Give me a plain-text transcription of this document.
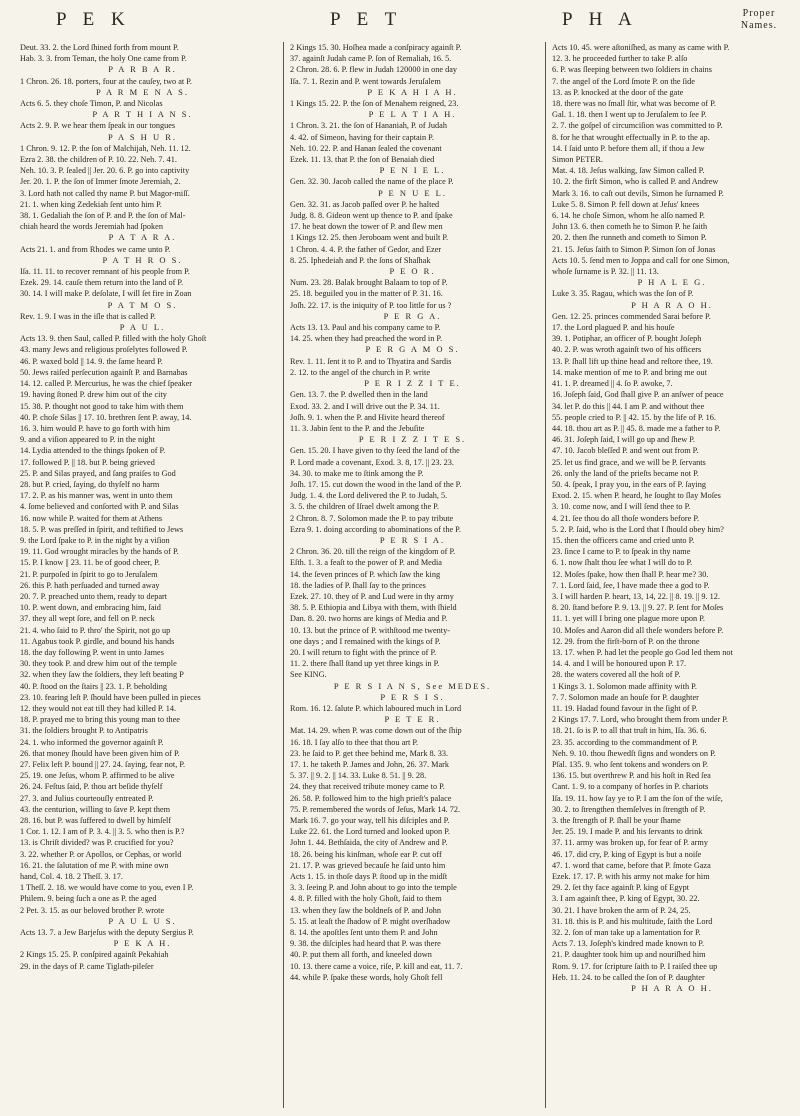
P E K	P E T	P H A	Proper
Names.

Deut. 33. 2. the Lord ſhined forth from mount P.

Hab. 3. 3. from Teman, the holy One came from P.

P A R B A R.

1 Chron. 26. 18. porters, four at the cauſey, two at P.

P A R M E N A S.

Acts 6. 5. they choſe Timon, P. and Nicolas

P A R T H I A N S.

Acts 2. 9. P. we hear them ſpeak in our tongues

P A S H U R.

1 Chron. 9. 12. P. the ſon of Malchijah, Neh. 11. 12.

Ezra 2. 38. the children of P. 10. 22. Neh. 7. 41.

Neh. 10. 3. P. ſealed || Jer. 20. 6. P. go into captivity

Jer. 20. 1. P. the ſon of Immer ſmote Jeremiah, 2.

3. Lord hath not called thy name P. but Magor-miſſ.

21. 1. when king Zedekiah ſent unto him P.

38. 1. Gedaliah the ſon of P. and P. the ſon of Mal-

chiah heard the words Jeremiah had ſpoken

P A T A R A.

Acts 21. 1. and from Rhodes we came unto P.

P A T H R O S.

Iſa. 11. 11. to recover remnant of his people from P.

Ezek. 29. 14. cauſe them return into the land of P.

30. 14. I will make P. deſolate, I will ſet fire in Zoan

P A T M O S.

Rev. 1. 9. I was in the iſle that is called P.

P A U L.

Acts 13. 9. then Saul, called P. filled with the holy Ghoſt

43. many Jews and religious proſelytes followed P.

46. P. waxed bold || 14. 9. the ſame heard P.

50. Jews raiſed perſecution againſt P. and Barnabas

14. 12. called P. Mercurius, he was the chief ſpeaker

19. having ſtoned P. drew him out of the city

15. 38. P. thought not good to take him with them

40. P. choſe Silas || 17. 10. brethren ſent P. away, 14.

16. 3. him would P. have to go forth with him

9. and a viſion appeared to P. in the night

14. Lydia attended to the things ſpoken of P.

17. followed P. || 18. but P. being grieved

25. P. and Silas prayed, and ſang praiſes to God

28. but P. cried, ſaying, do thyſelf no harm

17. 2. P. as his manner was, went in unto them

4. ſome believed and conſorted with P. and Silas

16. now while P. waited for them at Athens

18. 5. P. was preſſed in ſpirit, and teſtified to Jews

9. the Lord ſpake to P. in the night by a viſion

19. 11. God wrought miracles by the hands of P.

15. P. I know || 23. 11. be of good cheer, P.

21. P. purpoſed in ſpirit to go to Jeruſalem

26. this P. hath perſuaded and turned away

20. 7. P. preached unto them, ready to depart

10. P. went down, and embracing him, ſaid

37. they all wept ſore, and fell on P. neck

21. 4. who ſaid to P. thro' the Spirit, not go up

11. Agabus took P. girdle, and bound his hands

18. the day following P. went in unto James

30. they took P. and drew him out of the temple

32. when they ſaw the ſoldiers, they left beating P

40. P. ſtood on the ſtairs || 23. 1. P. beholding

23. 10. fearing leſt P. ſhould have been pulled in pieces

12. they would not eat till they had killed P. 14.

18. P. prayed me to bring this young man to thee

31. the ſoldiers brought P. to Antipatris

24. 1. who informed the governor againſt P.

26. that money ſhould have been given him of P.

27. Felix left P. bound || 27. 24. ſaying, fear not, P.

25. 19. one Jeſus, whom P. affirmed to be alive

26. 24. Feſtus ſaid, P. thou art beſide thyſelf

27. 3. and Julius courteouſly entreated P.

43. the centurion, willing to ſave P. kept them

28. 16. but P. was ſuffered to dwell by himſelf

1 Cor. 1. 12. I am of P. 3. 4. || 3. 5. who then is P.?

13. is Chriſt divided? was P. crucified for you?

3. 22. whether P. or Apollos, or Cephas, or world

16. 21. the ſalutation of me P. with mine own

hand, Col. 4. 18. 2 Theſſ. 3. 17.

1 Theſſ. 2. 18. we would have come to you, even I P.

Philem. 9. being ſuch a one as P. the aged

2 Pet. 3. 15. as our beloved brother P. wrote

P A U L U S.

Acts 13. 7. a Jew Barjeſus with the deputy Sergius P.

P E K A H.

2 Kings 15. 25. P. conſpired againſt Pekahiah

29. in the days of P. came Tiglath-pileſer

2 Kings 15. 30. Hoſhea made a conſpiracy againſt P.

37. againſt Judah came P. ſon of Remaliah, 16. 5.

2 Chron. 28. 6. P. flew in Judah 120000 in one day

Iſa. 7. 1. Rezin and P. went towards Jeruſalem

P E K A H I A H.

1 Kings 15. 22. P. the ſon of Menahem reigned, 23.

P E L A T I A H.

1 Chron. 3. 21. the ſon of Hananiah, P. of Judah

4. 42. of Simeon, having for their captain P.

Neh. 10. 22. P. and Hanan ſealed the covenant

Ezek. 11. 13. that P. the ſon of Benaiah died

P E N I E L.

Gen. 32. 30. Jacob called the name of the place P.

P E N U E L.

Gen. 32. 31. as Jacob paſſed over P. he halted

Judg. 8. 8. Gideon went up thence to P. and ſpake

17. he beat down the tower of P. and ſlew men

1 Kings 12. 25. then Jeroboam went and built P.

1 Chron. 4. 4. P. the father of Gedor, and Ezer

8. 25. Iphedeiah and P. the ſons of Shaſhak

P E O R.

Num. 23. 28. Balak brought Balaam to top of P.

25. 18. beguiled you in the matter of P. 31. 16.

Joſh. 22. 17. is the iniquity of P. too little for us ?

P E R G A.

Acts 13. 13. Paul and his company came to P.

14. 25. when they had preached the word in P.

P E R G A M O S.

Rev. 1. 11. ſent it to P. and to Thyatira and Sardis

2. 12. to the angel of the church in P. write

P E R I Z Z I T E.

Gen. 13. 7. the P. dwelled then in the land

Exod. 33. 2. and I will drive out the P. 34. 11.

Joſh. 9. 1. when the P. and Hivite heard thereof

11. 3. Jabin ſent to the P. and the Jebuſite

P E R I Z Z I T E S.

Gen. 15. 20. I have given to thy ſeed the land of the

P. Lord made a covenant, Exod. 3. 8, 17. || 23. 23.

34. 30. to make me to ſtink among the P.

Joſh. 17. 15. cut down the wood in the land of the P.

Judg. 1. 4. the Lord delivered the P. to Judah, 5.

3. 5. the children of Iſrael dwelt among the P.

2 Chron. 8. 7. Solomon made the P. to pay tribute

Ezra 9. 1. doing according to abominations of the P.

P E R S I A.

2 Chron. 36. 20. till the reign of the kingdom of P.

Eſth. 1. 3. a feaſt to the power of P. and Media

14. the ſeven princes of P. which ſaw the king

18. the ladies of P. ſhall ſay to the princes

Ezek. 27. 10. they of P. and Lud were in thy army

38. 5. P. Ethiopia and Libya with them, with ſhield

Dan. 8. 20. two horns are kings of Media and P.

10. 13. but the prince of P. withſtood me twenty-

one days ; and I remained with the kings of P.

20. I will return to fight with the prince of P.

11. 2. there ſhall ſtand up yet three kings in P.

See KING.

P E R S I A N S, See MEDES.

P E R S I S.

Rom. 16. 12. ſalute P. which laboured much in Lord

P E T E R.

Mat. 14. 29. when P. was come down out of the ſhip

16. 18. I ſay alſo to thee that thou art P.

23. he ſaid to P. get thee behind me, Mark 8. 33.

17. 1. he taketh P. James and John, 26. 37. Mark

5. 37. || 9. 2. || 14. 33. Luke 8. 51. || 9. 28.

24. they that received tribute money came to P.

26. 58. P. followed him to the high prieſt's palace

75. P. remembered the words of Jeſus, Mark 14. 72.

Mark 16. 7. go your way, tell his diſciples and P.

Luke 22. 61. the Lord turned and looked upon P.

John 1. 44. Bethſaida, the city of Andrew and P.

18. 26. being his kinſman, whoſe ear P. cut off

21. 17. P. was grieved becauſe he ſaid unto him

Acts 1. 15. in thoſe days P. ſtood up in the midſt

3. 3. ſeeing P. and John about to go into the temple

4. 8. P. filled with the holy Ghoſt, ſaid to them

13. when they ſaw the boldneſs of P. and John

5. 15. at leaſt the ſhadow of P. might overſhadow

8. 14. the apoſtles ſent unto them P. and John

9. 38. the diſciples had heard that P. was there

40. P. put them all forth, and kneeled down

10. 13. there came a voice, riſe, P. kill and eat, 11. 7.

44. while P. ſpake these words, holy Ghoſt fell

Acts 10. 45. were aſtoniſhed, as many as came with P.

12. 3. he proceeded further to take P. alſo

6. P. was ſleeping between two ſoldiers in chains

7. the angel of the Lord ſmote P. on the ſide

13. as P. knocked at the door of the gate

18. there was no ſmall ſtir, what was become of P.

Gal. 1. 18. then I went up to Jeruſalem to ſee P.

2. 7. the goſpel of circumciſion was committed to P.

8. for he that wrought effectually in P. to the ap.

14. I ſaid unto P. before them all, if thou a Jew

Simon PETER.

Mat. 4. 18. Jeſus walking, ſaw Simon called P.

10. 2. the firſt Simon, who is called P. and Andrew

Mark 3. 16. to caſt out devils, Simon he ſurnamed P.

Luke 5. 8. Simon P. fell down at Jeſus' knees

6. 14. he choſe Simon, whom he alſo named P.

John 13. 6. then cometh he to Simon P. he ſaith

20. 2. then ſhe runneth and cometh to Simon P.

21. 15. Jeſus ſaith to Simon P. Simon ſon of Jonas

Acts 10. 5. ſend men to Joppa and call for one Simon,

whoſe ſurname is P. 32. || 11. 13.

P H A L E G.

Luke 3. 35. Ragau, which was the ſon of P.

P H A R A O H.

Gen. 12. 25. princes commended Sarai before P.

17. the Lord plagued P. and his houſe

39. 1. Potiphar, an officer of P. bought Joſeph

40. 2. P. was wroth againſt two of his officers

13. P. ſhall lift up thine head and reſtore thee, 19.

14. make mention of me to P. and bring me out

41. 1. P. dreamed || 4. ſo P. awoke, 7.

16. Joſeph ſaid, God ſhall give P. an anſwer of peace

34. let P. do this || 44. I am P. and without thee

55. people cried to P. || 42. 15. by the life of P. 16.

44. 18. thou art as P. || 45. 8. made me a father to P.

46. 31. Joſeph ſaid, I will go up and ſhew P.

47. 10. Jacob bleſſed P. and went out from P.

25. let us find grace, and we will be P. ſervants

26. only the land of the prieſts became not P.

50. 4. ſpeak, I pray you, in the ears of P. ſaying

Exod. 2. 15. when P. heard, he ſought to ſlay Moſes

3. 10. come now, and I will ſend thee to P.

4. 21. ſee thou do all thoſe wonders before P.

5. 2. P. ſaid, who is the Lord that I ſhould obey him?

15. then the officers came and cried unto P.

23. ſince I came to P. to ſpeak in thy name

6. 1. now ſhalt thou ſee what I will do to P.

12. Moſes ſpake, how then ſhall P. hear me? 30.

7. 1. Lord ſaid, ſee, I have made thee a god to P.

3. I will harden P. heart, 13, 14, 22. || 8. 19. || 9. 12.

8. 20. ſtand before P. 9. 13. || 9. 27. P. ſent for Moſes

11. 1. yet will I bring one plague more upon P.

10. Moſes and Aaron did all theſe wonders before P.

12. 29. from the firſt-born of P. on the throne

13. 17. when P. had let the people go God led them not

14. 4. and I will be honoured upon P. 17.

28. the waters covered all the hoſt of P.

1 Kings 3. 1. Solomon made affinity with P.

7. 7. Solomon made an houſe for P. daughter

11. 19. Hadad found favour in the ſight of P.

2 Kings 17. 7. Lord, who brought them from under P.

18. 21. ſo is P. to all that truſt in him, Iſa. 36. 6.

23. 35. according to the commandment of P.

Neh. 9. 10. thou ſhewedſt ſigns and wonders on P.

Pſal. 135. 9. who ſent tokens and wonders on P.

136. 15. but overthrew P. and his hoſt in Red ſea

Cant. 1. 9. to a company of horſes in P. chariots

Iſa. 19. 11. how ſay ye to P. I am the ſon of the wiſe,

30. 2. to ſtrengthen themſelves in ſtrength of P.

3. the ſtrength of P. ſhall be your ſhame

Jer. 25. 19. I made P. and his ſervants to drink

37. 11. army was broken up, for fear of P. army

46. 17. did cry, P. king of Egypt is but a noiſe

47. 1. word that came, before that P. ſmote Gaza

Ezek. 17. 17. P. with his army not make for him

29. 2. ſet thy face againſt P. king of Egypt

3. I am againſt thee, P. king of Egypt, 30. 22.

30. 21. I have broken the arm of P. 24, 25.

31. 18. this is P. and his multitude, ſaith the Lord

32. 2. ſon of man take up a lamentation for P.

Acts 7. 13. Joſeph's kindred made known to P.

21. P. daughter took him up and nouriſhed him

Rom. 9. 17. for ſcripture ſaith to P. I raiſed thee up

Heb. 11. 24. to be called the ſon of P. daughter

P H A R A O H.
